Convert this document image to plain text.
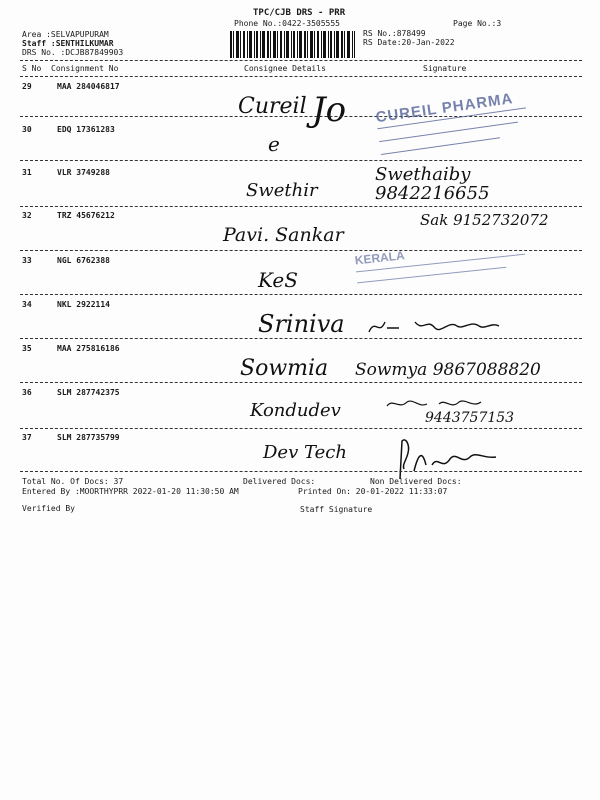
TPC/CJB DRS - PRR
Phone No.:0422-3505555	Page No.:3
Area :SELVAPUPURAM
Staff :SENTHILKUMAR
DRS No. :DCJB87849903
RS No.:878499
RS Date:20-Jan-2022
S No Consignment No	Consignee Details	Signature
29	MAA 284046817
Cureil Jo
30	EDQ 17361283
e
CUREIL PHARMA
31	VLR 3749288
Swethir
Swethaiby 9842216655
32	TRZ 45676212
Pavi. Sankar
Sak 9152732072
KERALA
33	NGL 6762388
KeS
34	NKL 2922114
Sriniva
35	MAA 275816186
Sowmia Sowmya 9867088820
36	SLM 287742375
Kondudev	9443757153
37	SLM 287735799
Dev Tech
Total No. Of Docs: 37	Delivered Docs:	Non Delivered Docs:
Entered By :MOORTHYPRR 2022-01-20 11:30:50 AM	Printed On: 20-01-2022 11:33:07
Verified By	Staff Signature
